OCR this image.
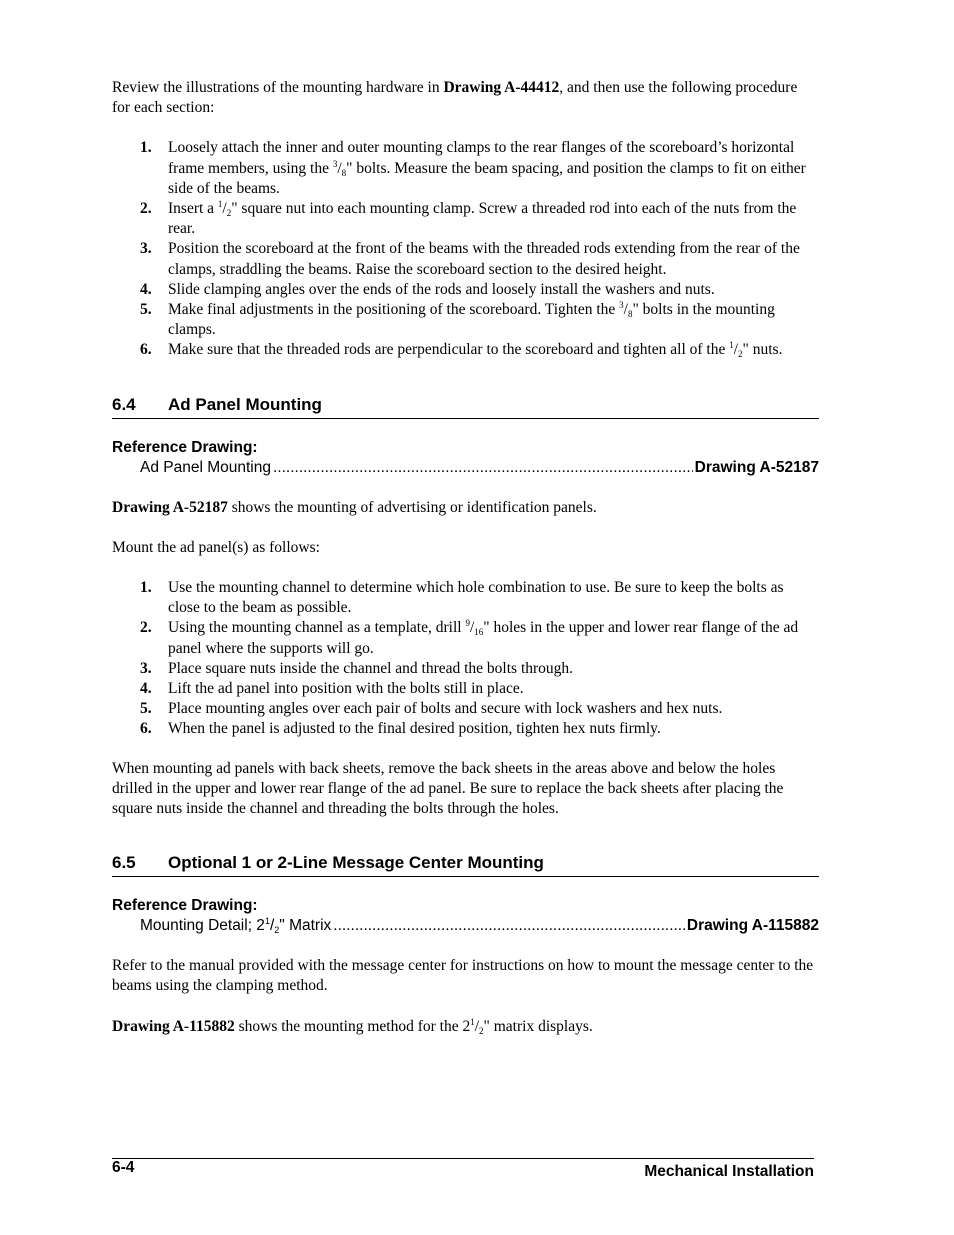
Review the illustrations of the mounting hardware in Drawing A-44412, and then use the following procedure for each section:

1. Loosely attach the inner and outer mounting clamps to the rear flanges of the scoreboard’s horizontal frame members, using the $^3/_8$" bolts. Measure the beam spacing, and position the clamps to fit on either side of the beams.
2. Insert a $^1/_2$" square nut into each mounting clamp. Screw a threaded rod into each of the nuts from the rear.
3. Position the scoreboard at the front of the beams with the threaded rods extending from the rear of the clamps, straddling the beams. Raise the scoreboard section to the desired height.
4. Slide clamping angles over the ends of the rods and loosely install the washers and nuts.
5. Make final adjustments in the positioning of the scoreboard. Tighten the $^3/_8$" bolts in the mounting clamps.
6. Make sure that the threaded rods are perpendicular to the scoreboard and tighten all of the $^1/_2$" nuts.
6.4	Ad Panel Mounting

Reference Drawing:

Ad Panel Mounting .....	Drawing A-52187

Drawing A-52187 shows the mounting of advertising or identification panels.

Mount the ad panel(s) as follows:

1. Use the mounting channel to determine which hole combination to use. Be sure to keep the bolts as close to the beam as possible.
2. Using the mounting channel as a template, drill $^9/_{16}$" holes in the upper and lower rear flange of the ad panel where the supports will go.
3. Place square nuts inside the channel and thread the bolts through.
4. Lift the ad panel into position with the bolts still in place.
5. Place mounting angles over each pair of bolts and secure with lock washers and hex nuts.
6. When the panel is adjusted to the final desired position, tighten hex nuts firmly.

When mounting ad panels with back sheets, remove the back sheets in the areas above and below the holes drilled in the upper and lower rear flange of the ad panel. Be sure to replace the back sheets after placing the square nuts inside the channel and threading the bolts through the holes.

6.5	Optional 1 or 2-Line Message Center Mounting

Reference Drawing:

Mounting Detail; $2^1/_2$" Matrix .....	Drawing A-115882

Refer to the manual provided with the message center for instructions on how to mount the message center to the beams using the clamping method.

Drawing A-115882 shows the mounting method for the $2^1/_2$" matrix displays.

6-4	Mechanical Installation
